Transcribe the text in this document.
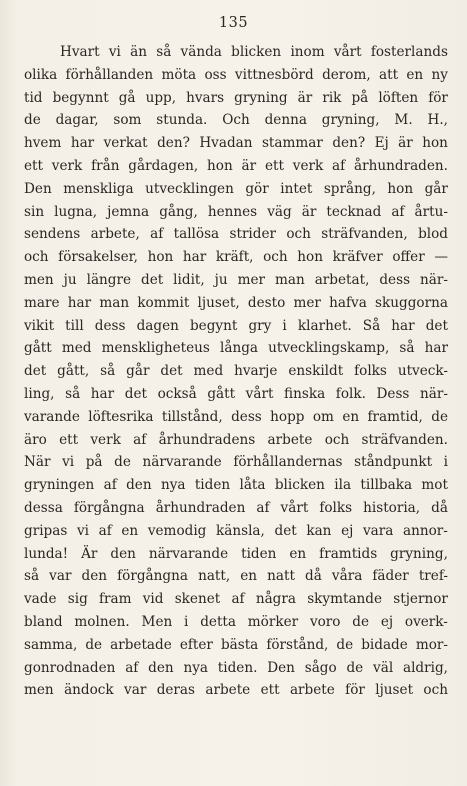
135
Hvart vi än så vända blicken inom vårt fosterlands
olika förhållanden möta oss vittnesbörd derom, att en ny
tid begynnt gå upp, hvars gryning är rik på löften för
de dagar, som stunda. Och denna gryning, M. H.,
hvem har verkat den? Hvadan stammar den? Ej är hon
ett verk från gårdagen, hon är ett verk af århundraden.
Den menskliga utvecklingen gör intet språng, hon går
sin lugna, jemna gång, hennes väg är tecknad af årtu-
sendens arbete, af tallösa strider och sträfvanden, blod
och försakelser, hon har kräft, och hon kräfver offer —
men ju längre det lidit, ju mer man arbetat, dess när-
mare har man kommit ljuset, desto mer hafva skuggorna
vikit till dess dagen begynt gry i klarhet. Så har det
gått med menskligheteus långa utvecklingskamp, så har
det gått, så går det med hvarje enskildt folks utveck-
ling, så har det också gått vårt finska folk. Dess när-
varande löftesrika tillstånd, dess hopp om en framtid, de
äro ett verk af århundradens arbete och sträfvanden.
När vi på de närvarande förhållandernas ståndpunkt i
gryningen af den nya tiden låta blicken ila tillbaka mot
dessa förgångna århundraden af vårt folks historia, då
gripas vi af en vemodig känsla, det kan ej vara annor-
lunda! Är den närvarande tiden en framtids gryning,
så var den förgångna natt, en natt då våra fäder tref-
vade sig fram vid skenet af några skymtande stjernor
bland molnen. Men i detta mörker voro de ej overk-
samma, de arbetade efter bästa förstånd, de bidade mor-
gonrodnaden af den nya tiden. Den sågo de väl aldrig,
men ändock var deras arbete ett arbete för ljuset och
